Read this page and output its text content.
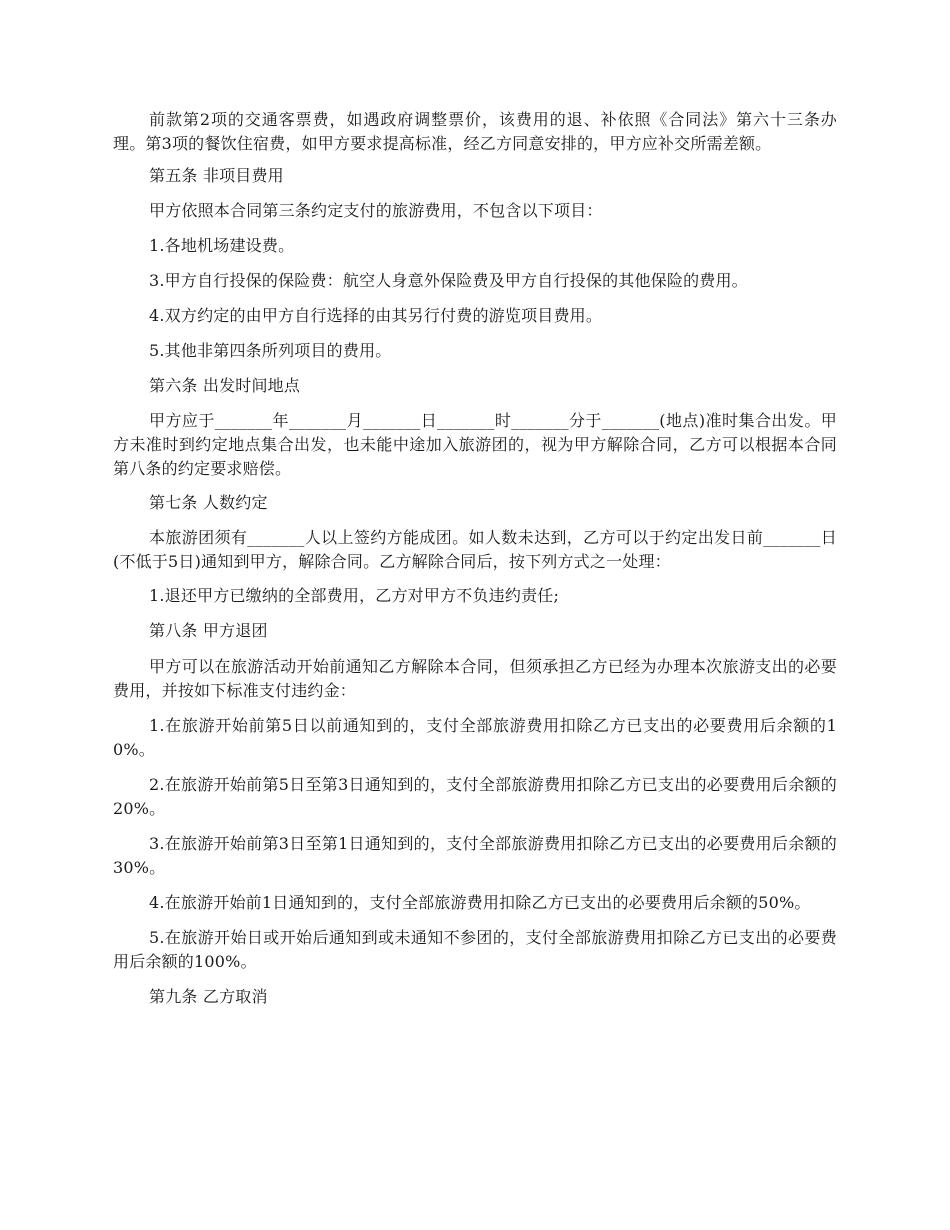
前款第2项的交通客票费，如遇政府调整票价，该费用的退、补依照《合同法》第六十三条办理。第3项的餐饮住宿费，如甲方要求提高标准，经乙方同意安排的，甲方应补交所需差额。

第五条 非项目费用

甲方依照本合同第三条约定支付的旅游费用，不包含以下项目：

1.各地机场建设费。

3.甲方自行投保的保险费：航空人身意外保险费及甲方自行投保的其他保险的费用。

4.双方约定的由甲方自行选择的由其另行付费的游览项目费用。

5.其他非第四条所列项目的费用。

第六条 出发时间地点

甲方应于_______年_______月_______日_______时_______分于_______(地点)准时集合出发。甲方未准时到约定地点集合出发，也未能中途加入旅游团的，视为甲方解除合同，乙方可以根据本合同第八条的约定要求赔偿。

第七条 人数约定

本旅游团须有_______人以上签约方能成团。如人数未达到，乙方可以于约定出发日前_______日(不低于5日)通知到甲方，解除合同。乙方解除合同后，按下列方式之一处理：

1.退还甲方已缴纳的全部费用，乙方对甲方不负违约责任;

第八条 甲方退团

甲方可以在旅游活动开始前通知乙方解除本合同，但须承担乙方已经为办理本次旅游支出的必要费用，并按如下标准支付违约金：

1.在旅游开始前第5日以前通知到的，支付全部旅游费用扣除乙方已支出的必要费用后余额的10%。

2.在旅游开始前第5日至第3日通知到的，支付全部旅游费用扣除乙方已支出的必要费用后余额的20%。

3.在旅游开始前第3日至第1日通知到的，支付全部旅游费用扣除乙方已支出的必要费用后余额的30%。

4.在旅游开始前1日通知到的，支付全部旅游费用扣除乙方已支出的必要费用后余额的50%。

5.在旅游开始日或开始后通知到或未通知不参团的，支付全部旅游费用扣除乙方已支出的必要费用后余额的100%。

第九条 乙方取消
